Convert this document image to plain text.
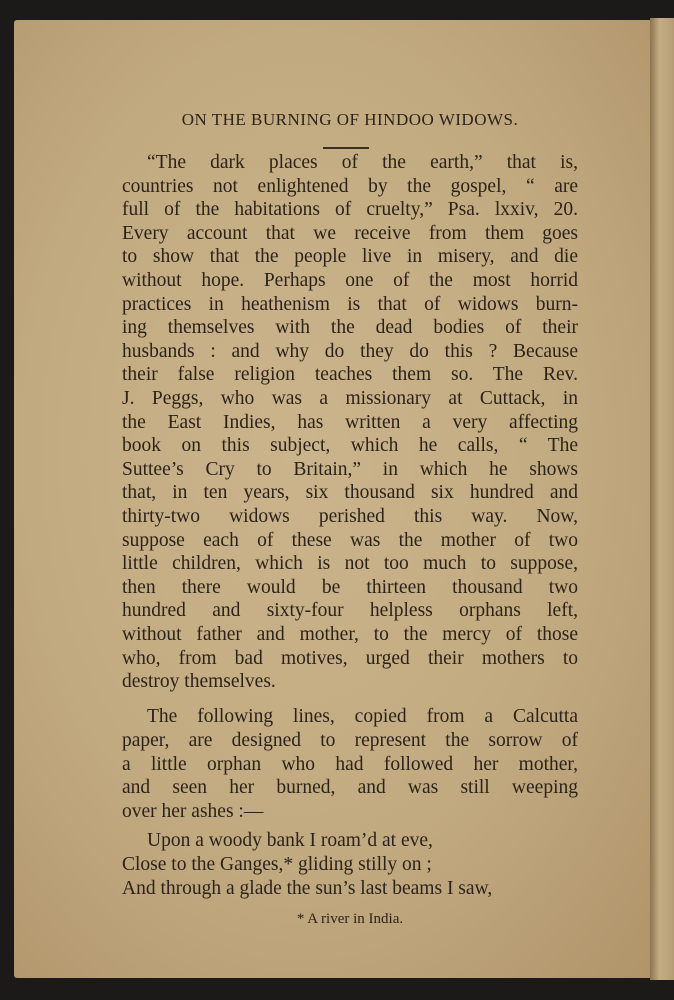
ON THE BURNING OF HINDOO WIDOWS.
“The dark places of the earth,” that is,
countries not enlightened by the gospel, “ are
full of the habitations of cruelty,” Psa. lxxiv, 20.
Every account that we receive from them goes
to show that the people live in misery, and die
without hope. Perhaps one of the most horrid
practices in heathenism is that of widows burn-
ing themselves with the dead bodies of their
husbands : and why do they do this ? Because
their false religion teaches them so. The Rev.
J. Peggs, who was a missionary at Cuttack, in
the East Indies, has written a very affecting
book on this subject, which he calls, “ The
Suttee’s Cry to Britain,” in which he shows
that, in ten years, six thousand six hundred and
thirty-two widows perished this way. Now,
suppose each of these was the mother of two
little children, which is not too much to suppose,
then there would be thirteen thousand two
hundred and sixty-four helpless orphans left,
without father and mother, to the mercy of those
who, from bad motives, urged their mothers to
destroy themselves.
The following lines, copied from a Calcutta
paper, are designed to represent the sorrow of
a little orphan who had followed her mother,
and seen her burned, and was still weeping
over her ashes :—
Upon a woody bank I roam’d at eve,
Close to the Ganges,* gliding stilly on ;
And through a glade the sun’s last beams I saw,
* A river in India.
